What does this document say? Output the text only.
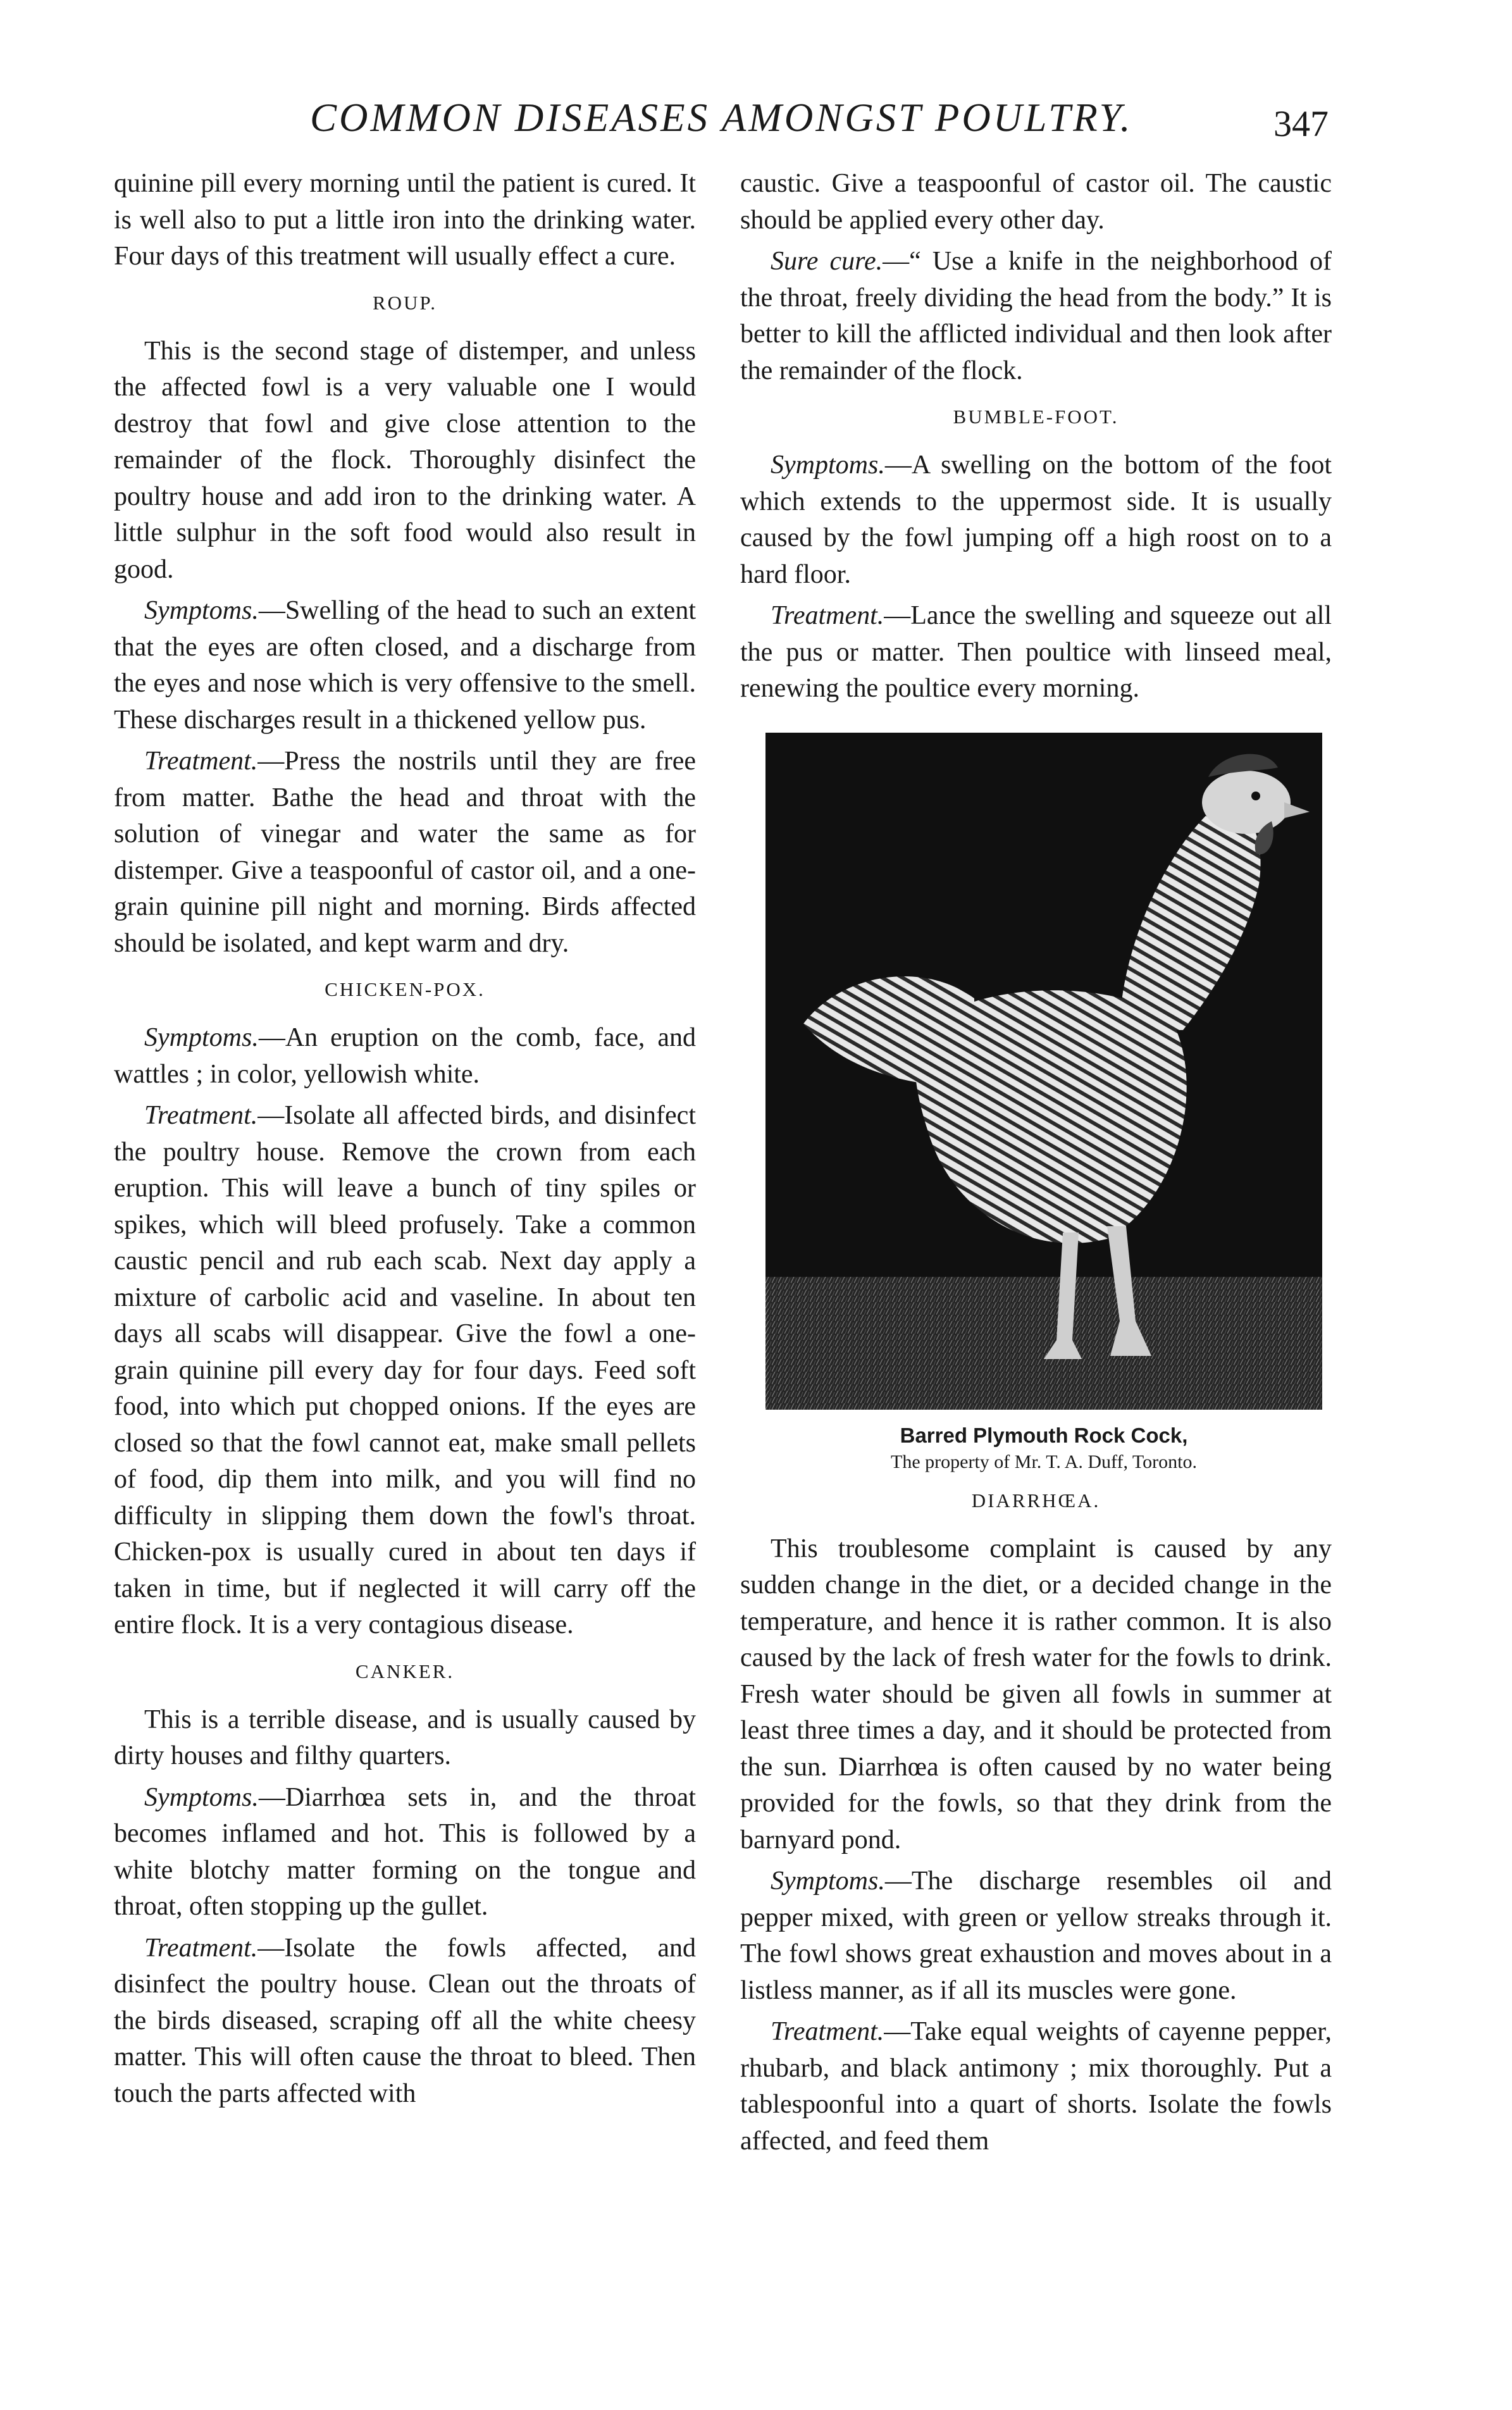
COMMON DISEASES AMONGST POULTRY.	347

quinine pill every morning until the patient is cured. It is well also to put a little iron into the drinking water. Four days of this treatment will usually effect a cure.

ROUP.

This is the second stage of distemper, and unless the affected fowl is a very valuable one I would destroy that fowl and give close attention to the remainder of the flock. Thoroughly disinfect the poultry house and add iron to the drinking water. A little sulphur in the soft food would also result in good.

Symptoms.—Swelling of the head to such an extent that the eyes are often closed, and a discharge from the eyes and nose which is very offensive to the smell. These discharges result in a thickened yellow pus.

Treatment.—Press the nostrils until they are free from matter. Bathe the head and throat with the solution of vinegar and water the same as for distemper. Give a teaspoonful of castor oil, and a one-grain quinine pill night and morning. Birds affected should be isolated, and kept warm and dry.

CHICKEN-POX.

Symptoms.—An eruption on the comb, face, and wattles ; in color, yellowish white.

Treatment.—Isolate all affected birds, and disinfect the poultry house. Remove the crown from each eruption. This will leave a bunch of tiny spiles or spikes, which will bleed profusely. Take a common caustic pencil and rub each scab. Next day apply a mixture of carbolic acid and vaseline. In about ten days all scabs will disappear. Give the fowl a one-grain quinine pill every day for four days. Feed soft food, into which put chopped onions. If the eyes are closed so that the fowl cannot eat, make small pellets of food, dip them into milk, and you will find no difficulty in slipping them down the fowl's throat. Chicken-pox is usually cured in about ten days if taken in time, but if neglected it will carry off the entire flock. It is a very contagious disease.

CANKER.

This is a terrible disease, and is usually caused by dirty houses and filthy quarters.

Symptoms.—Diarrhœa sets in, and the throat becomes inflamed and hot. This is followed by a white blotchy matter forming on the tongue and throat, often stopping up the gullet.

Treatment.—Isolate the fowls affected, and disinfect the poultry house. Clean out the throats of the birds diseased, scraping off all the white cheesy matter. This will often cause the throat to bleed. Then touch the parts affected with

caustic. Give a teaspoonful of castor oil. The caustic should be applied every other day.

Sure cure.—“ Use a knife in the neighborhood of the throat, freely dividing the head from the body.” It is better to kill the afflicted individual and then look after the remainder of the flock.

BUMBLE-FOOT.

Symptoms.—A swelling on the bottom of the foot which extends to the uppermost side. It is usually caused by the fowl jumping off a high roost on to a hard floor.

Treatment.—Lance the swelling and squeeze out all the pus or matter. Then poultice with linseed meal, renewing the poultice every morning.

Barred Plymouth Rock Cock,

The property of Mr. T. A. Duff, Toronto.

DIARRHŒA.

This troublesome complaint is caused by any sudden change in the diet, or a decided change in the temperature, and hence it is rather common. It is also caused by the lack of fresh water for the fowls to drink. Fresh water should be given all fowls in summer at least three times a day, and it should be protected from the sun. Diarrhœa is often caused by no water being provided for the fowls, so that they drink from the barnyard pond.

Symptoms.—The discharge resembles oil and pepper mixed, with green or yellow streaks through it. The fowl shows great exhaustion and moves about in a listless manner, as if all its muscles were gone.

Treatment.—Take equal weights of cayenne pepper, rhubarb, and black antimony ; mix thoroughly. Put a tablespoonful into a quart of shorts. Isolate the fowls affected, and feed them
